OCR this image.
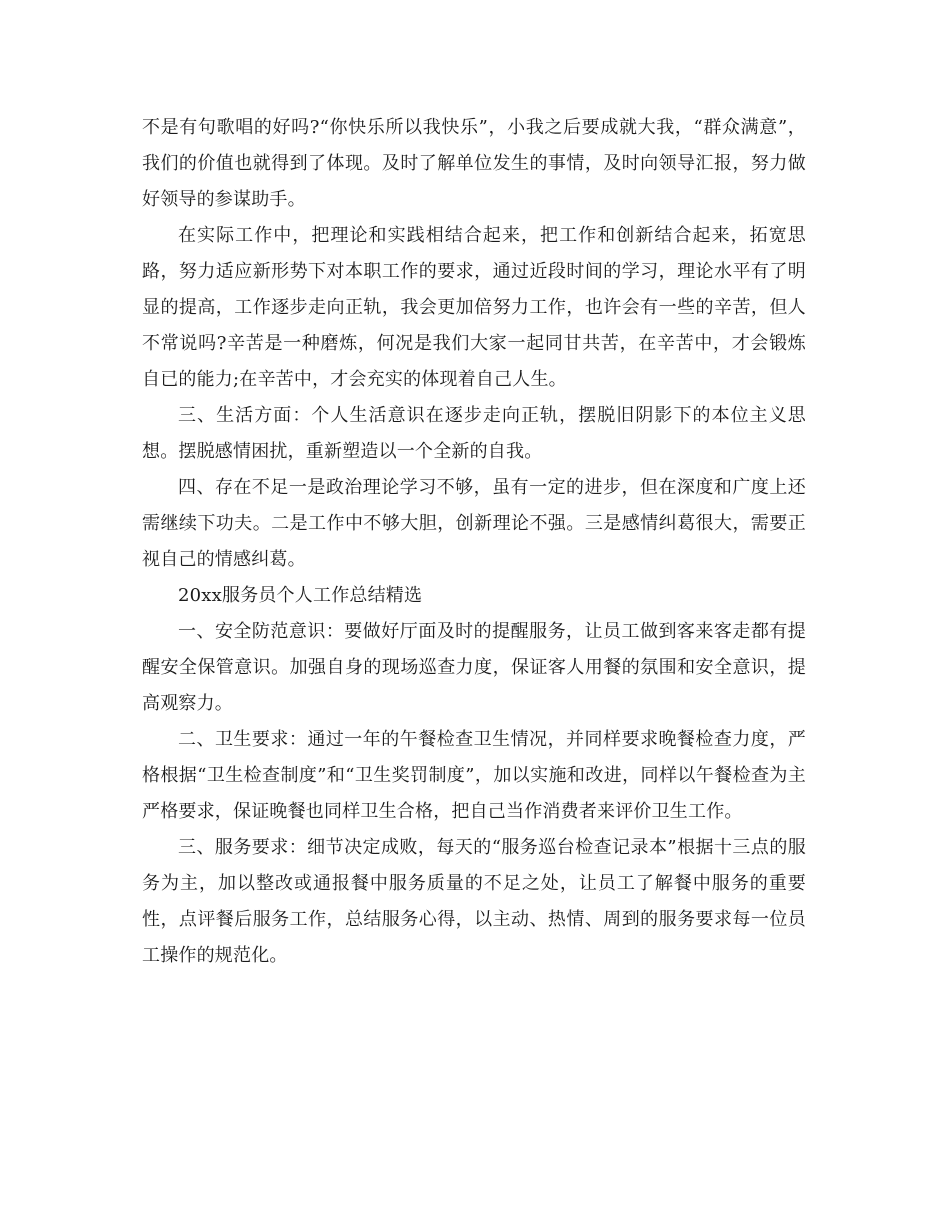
不是有句歌唱的好吗?“你快乐所以我快乐”，小我之后要成就大我，“群众满意”，我们的价值也就得到了体现。及时了解单位发生的事情，及时向领导汇报，努力做好领导的参谋助手。

在实际工作中，把理论和实践相结合起来，把工作和创新结合起来，拓宽思路，努力适应新形势下对本职工作的要求，通过近段时间的学习，理论水平有了明显的提高，工作逐步走向正轨，我会更加倍努力工作，也许会有一些的辛苦，但人不常说吗?辛苦是一种磨炼，何况是我们大家一起同甘共苦，在辛苦中，才会锻炼自已的能力;在辛苦中，才会充实的体现着自己人生。

三、生活方面：个人生活意识在逐步走向正轨，摆脱旧阴影下的本位主义思想。摆脱感情困扰，重新塑造以一个全新的自我。

四、存在不足一是政治理论学习不够，虽有一定的进步，但在深度和广度上还需继续下功夫。二是工作中不够大胆，创新理论不强。三是感情纠葛很大，需要正视自己的情感纠葛。

20xx服务员个人工作总结精选

一、安全防范意识：要做好厅面及时的提醒服务，让员工做到客来客走都有提醒安全保管意识。加强自身的现场巡查力度，保证客人用餐的氛围和安全意识，提高观察力。

二、卫生要求：通过一年的午餐检查卫生情况，并同样要求晚餐检查力度，严格根据“卫生检查制度”和“卫生奖罚制度”，加以实施和改进，同样以午餐检查为主严格要求，保证晚餐也同样卫生合格，把自己当作消费者来评价卫生工作。

三、服务要求：细节决定成败，每天的“服务巡台检查记录本”根据十三点的服务为主，加以整改或通报餐中服务质量的不足之处，让员工了解餐中服务的重要性，点评餐后服务工作，总结服务心得，以主动、热情、周到的服务要求每一位员工操作的规范化。
